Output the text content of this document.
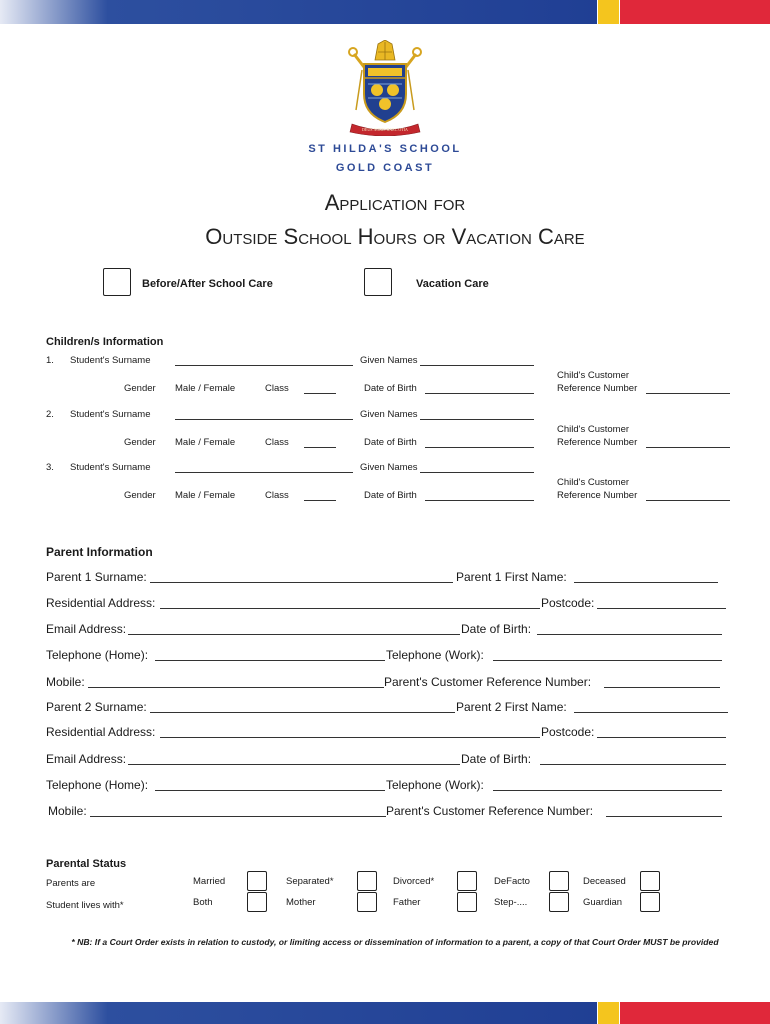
DEUS NOBIS HAEC OTIA
ST HILDA'S SCHOOL
GOLD COAST
Application for
Outside School Hours or Vacation Care
Before/After School Care	Vacation Care
Children/s Information
1. Student's Surname	Given Names
Gender Male / Female	Class	Date of Birth
Child's Customer
Reference Number
2. Student's Surname	Given Names
Gender Male / Female	Class	Date of Birth
Child's Customer
Reference Number
3. Student's Surname	Given Names
Gender Male / Female	Class	Date of Birth
Child's Customer
Reference Number
Parent Information
Parent 1 Surname:	Parent 1 First Name:
Residential Address:	Postcode:
Email Address:	Date of Birth:
Telephone (Home):	Telephone (Work):
Mobile:	Parent's Customer Reference Number:
Parent 2 Surname:	Parent 2 First Name:
Residential Address:	Postcode:
Email Address:	Date of Birth:
Telephone (Home):	Telephone (Work):
Mobile:	Parent's Customer Reference Number:
Parental Status
Parents are
Student lives with*
Married	Separated*	Divorced*	DeFacto	Deceased
Both	Mother	Father	Step-....	Guardian
* NB: If a Court Order exists in relation to custody, or limiting access or dissemination of information to a parent, a copy of that Court Order MUST be provided
